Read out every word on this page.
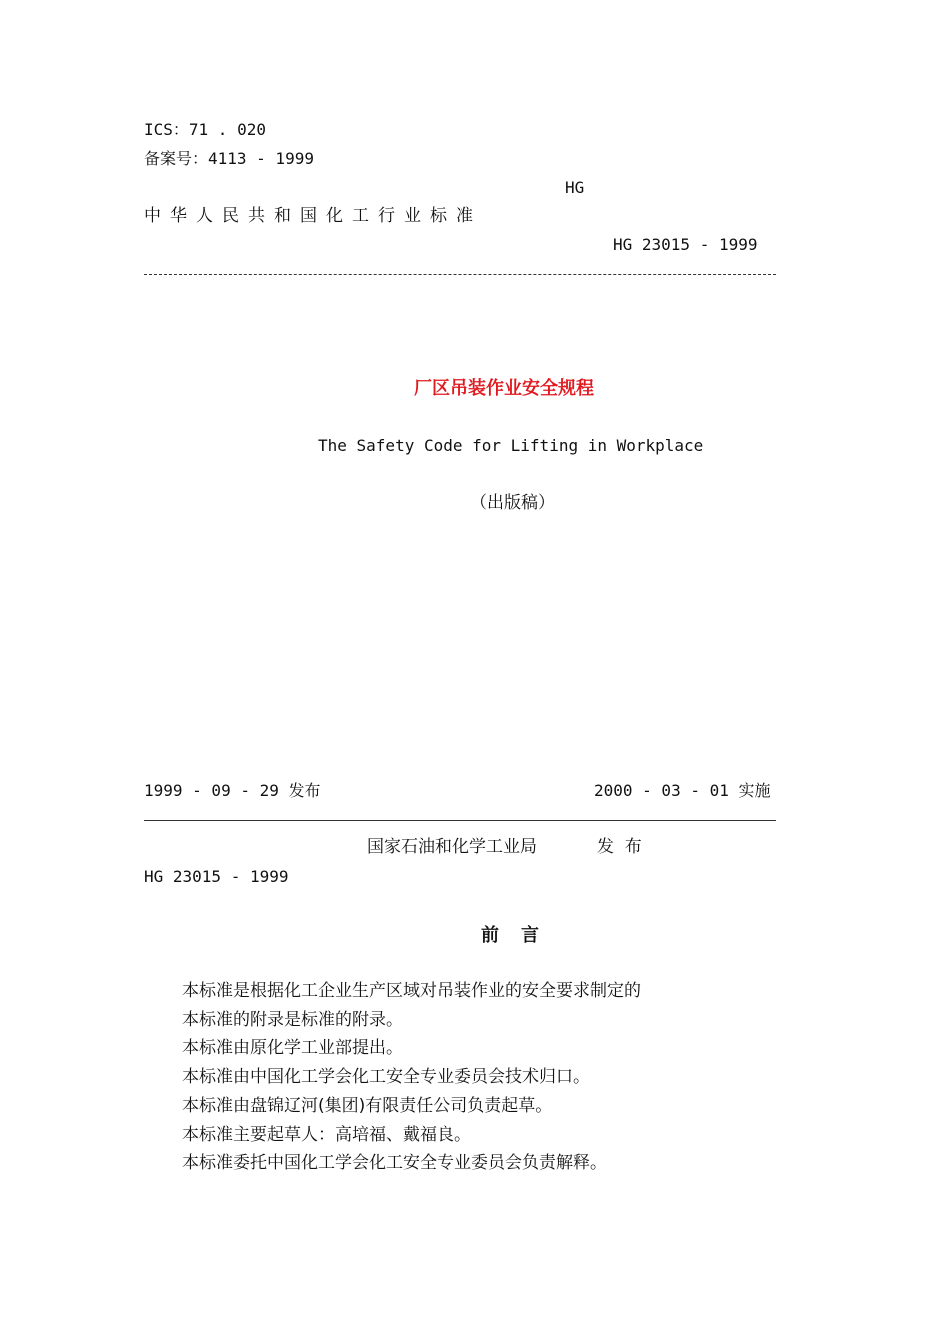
ICS：71 . 020
备案号：4113 - 1999
HG
中华人民共和国化工行业标准
HG 23015 - 1999
厂区吊装作业安全规程
The Safety Code for Lifting in Workplace
（出版稿）
1999 - 09 - 29 发布	2000 - 03 - 01 实施
国家石油和化学工业局	发  布
HG 23015 - 1999
前言
本标准是根据化工企业生产区域对吊装作业的安全要求制定的
本标准的附录是标准的附录。
本标准由原化学工业部提出。
本标准由中国化工学会化工安全专业委员会技术归口。
本标准由盘锦辽河(集团)有限责任公司负责起草。
本标准主要起草人：高培福、戴福良。
本标准委托中国化工学会化工安全专业委员会负责解释。
